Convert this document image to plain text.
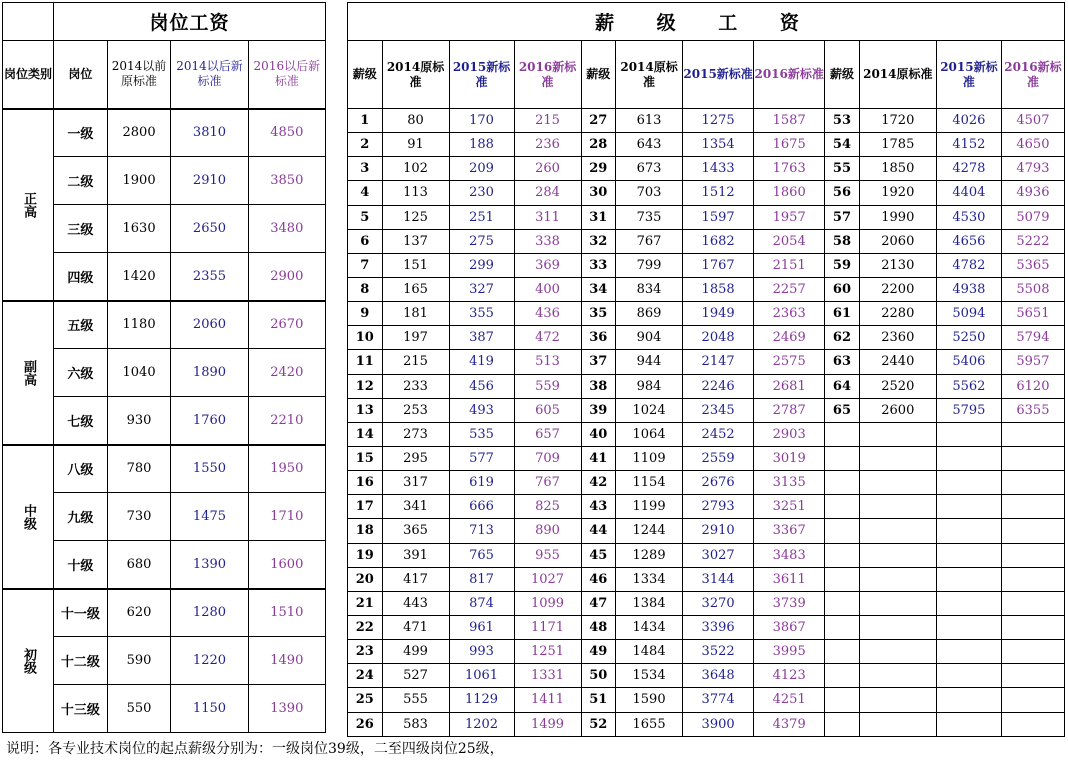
	岗位工资			
岗位类别	岗位	2014以前原标准	2014以后新标准	2016以后新标准
正高	一级	2800	3810	4850
	二级	1900	2910	3850
	三级	1630	2650	3480
	四级	1420	2355	2900
副高	五级	1180	2060	2670
	六级	1040	1890	2420
	七级	930	1760	2210
中级	八级	780	1550	1950
	九级	730	1475	1710
	十级	680	1390	1600
初级	十一级	620	1280	1510
	十二级	590	1220	1490
	十三级	550	1150	1390
薪 级 工 资											
薪级	2014原标准	2015新标准	2016新标准	薪级	2014原标准	2015新标准	2016新标准	薪级	2014原标准	2015新标准	2016新标准
1	80	170	215	27	613	1275	1587	53	1720	4026	4507
2	91	188	236	28	643	1354	1675	54	1785	4152	4650
3	102	209	260	29	673	1433	1763	55	1850	4278	4793
4	113	230	284	30	703	1512	1860	56	1920	4404	4936
5	125	251	311	31	735	1597	1957	57	1990	4530	5079
6	137	275	338	32	767	1682	2054	58	2060	4656	5222
7	151	299	369	33	799	1767	2151	59	2130	4782	5365
8	165	327	400	34	834	1858	2257	60	2200	4938	5508
9	181	355	436	35	869	1949	2363	61	2280	5094	5651
10	197	387	472	36	904	2048	2469	62	2360	5250	5794
11	215	419	513	37	944	2147	2575	63	2440	5406	5957
12	233	456	559	38	984	2246	2681	64	2520	5562	6120
13	253	493	605	39	1024	2345	2787	65	2600	5795	6355
14	273	535	657	40	1064	2452	2903				
15	295	577	709	41	1109	2559	3019				
16	317	619	767	42	1154	2676	3135				
17	341	666	825	43	1199	2793	3251				
18	365	713	890	44	1244	2910	3367				
19	391	765	955	45	1289	3027	3483				
20	417	817	1027	46	1334	3144	3611				
21	443	874	1099	47	1384	3270	3739				
22	471	961	1171	48	1434	3396	3867				
23	499	993	1251	49	1484	3522	3995				
24	527	1061	1331	50	1534	3648	4123				
25	555	1129	1411	51	1590	3774	4251				
26	583	1202	1499	52	1655	3900	4379				
说明：各专业技术岗位的起点薪级分别为：一级岗位39级，二至四级岗位25级，
